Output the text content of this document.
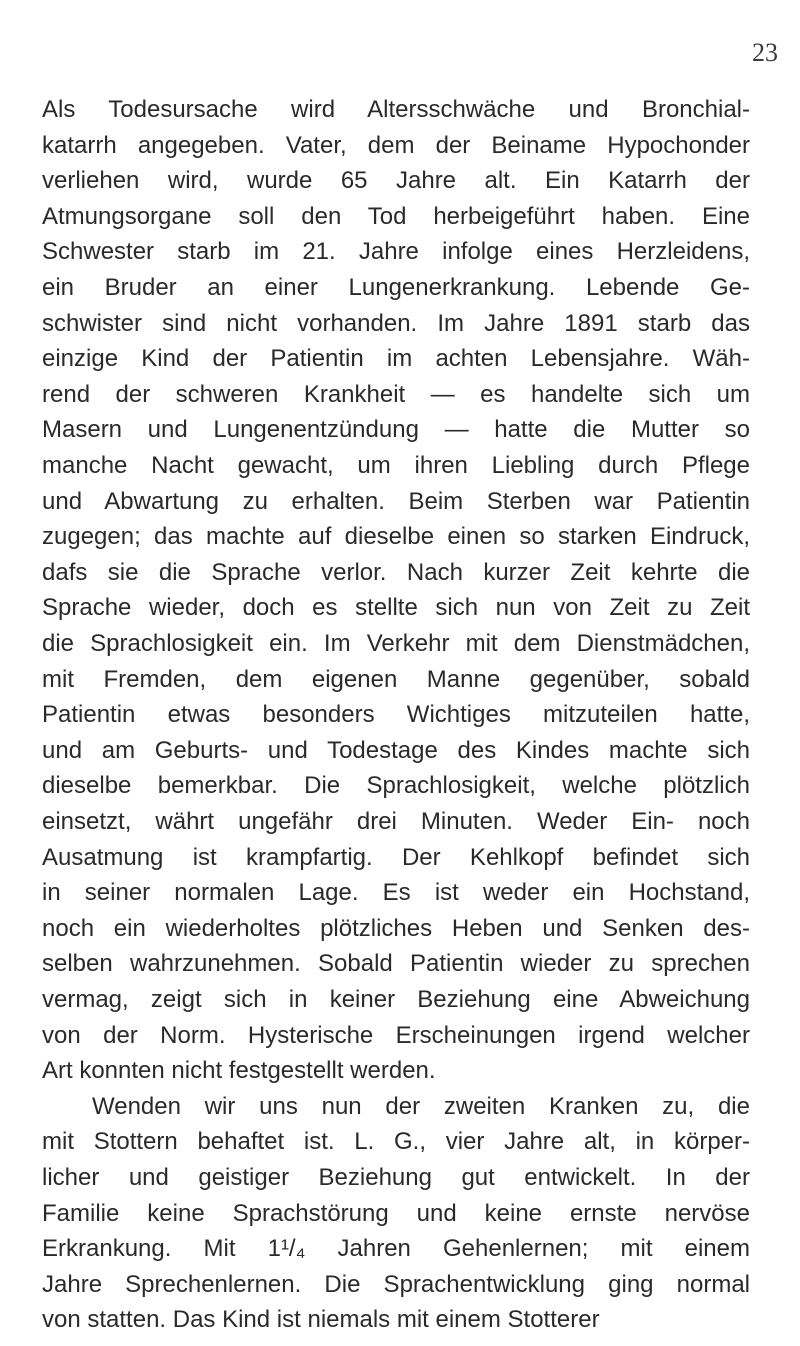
23
Als Todesursache wird Altersschwäche und Bronchial-
katarrh angegeben. Vater, dem der Beiname Hypochonder
verliehen wird, wurde 65 Jahre alt. Ein Katarrh der
Atmungsorgane soll den Tod herbeigeführt haben. Eine
Schwester starb im 21. Jahre infolge eines Herzleidens,
ein Bruder an einer Lungenerkrankung. Lebende Ge-
schwister sind nicht vorhanden. Im Jahre 1891 starb das
einzige Kind der Patientin im achten Lebensjahre. Wäh-
rend der schweren Krankheit — es handelte sich um
Masern und Lungenentzündung — hatte die Mutter so
manche Nacht gewacht, um ihren Liebling durch Pflege
und Abwartung zu erhalten. Beim Sterben war Patientin
zugegen; das machte auf dieselbe einen so starken Eindruck,
dafs sie die Sprache verlor. Nach kurzer Zeit kehrte die
Sprache wieder, doch es stellte sich nun von Zeit zu Zeit
die Sprachlosigkeit ein. Im Verkehr mit dem Dienstmädchen,
mit Fremden, dem eigenen Manne gegenüber, sobald
Patientin etwas besonders Wichtiges mitzuteilen hatte,
und am Geburts- und Todestage des Kindes machte sich
dieselbe bemerkbar. Die Sprachlosigkeit, welche plötzlich
einsetzt, währt ungefähr drei Minuten. Weder Ein- noch
Ausatmung ist krampfartig. Der Kehlkopf befindet sich
in seiner normalen Lage. Es ist weder ein Hochstand,
noch ein wiederholtes plötzliches Heben und Senken des-
selben wahrzunehmen. Sobald Patientin wieder zu sprechen
vermag, zeigt sich in keiner Beziehung eine Abweichung
von der Norm. Hysterische Erscheinungen irgend welcher
Art konnten nicht festgestellt werden.
Wenden wir uns nun der zweiten Kranken zu, die
mit Stottern behaftet ist. L. G., vier Jahre alt, in körper-
licher und geistiger Beziehung gut entwickelt. In der
Familie keine Sprachstörung und keine ernste nervöse
Erkrankung. Mit 1¹/₄ Jahren Gehenlernen; mit einem
Jahre Sprechenlernen. Die Sprachentwicklung ging normal
von statten. Das Kind ist niemals mit einem Stotterer
